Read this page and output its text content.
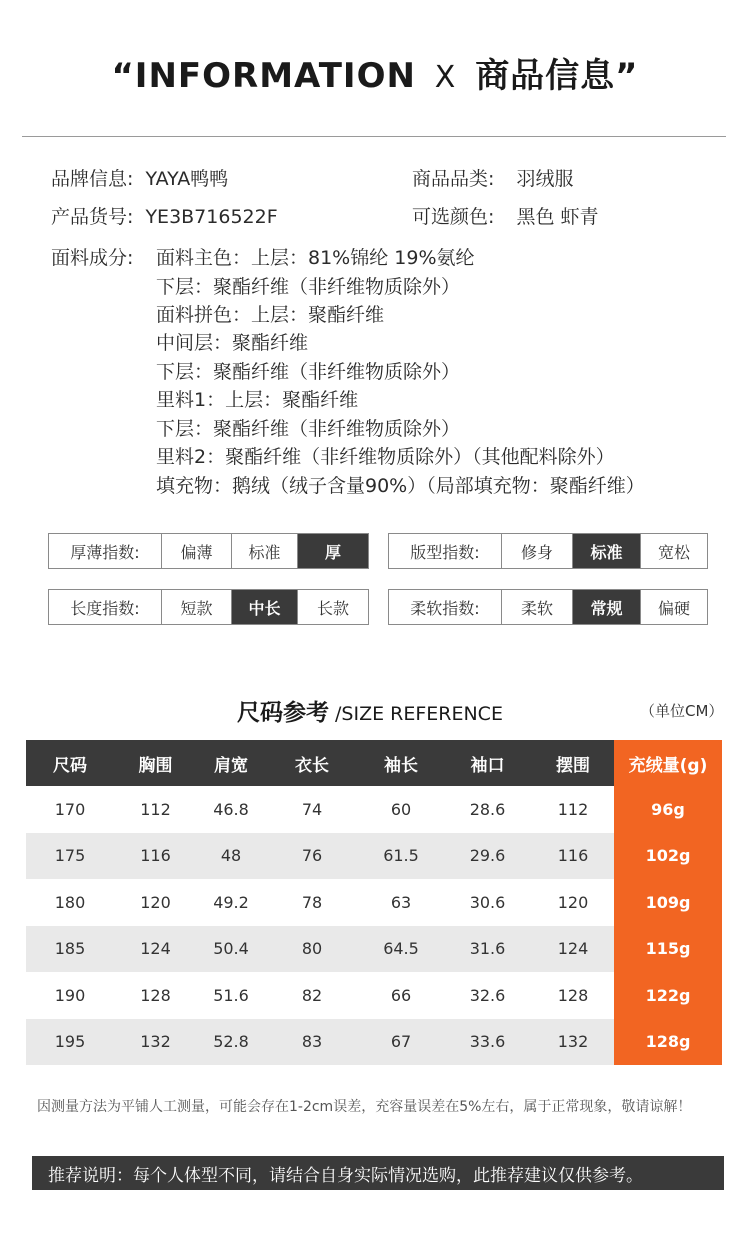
“INFORMATION X 商品信息”
品牌信息: YAYA鸭鸭	商品品类: 羽绒服
产品货号: YE3B716522F	可选颜色: 黑色 虾青
面料成分: 面料主色：上层：81%锦纶 19%氨纶
下层：聚酯纤维（非纤维物质除外）
面料拼色：上层：聚酯纤维
中间层：聚酯纤维
下层：聚酯纤维（非纤维物质除外）
里料1：上层：聚酯纤维
下层：聚酯纤维（非纤维物质除外）
里料2：聚酯纤维（非纤维物质除外）（其他配料除外）
填充物：鹅绒（绒子含量90%）（局部填充物：聚酯纤维）
厚薄指数:	偏薄	标准	厚	版型指数:	修身	标准	宽松
长度指数:	短款	中长	长款	柔软指数:	柔软	常规	偏硬
尺码参考 /SIZE REFERENCE	（单位CM）
尺码	胸围	肩宽	衣长	袖长	袖口	摆围	充绒量(g)
170	112	46.8	74	60	28.6	112	96g
175	116	48	76	61.5	29.6	116	102g
180	120	49.2	78	63	30.6	120	109g
185	124	50.4	80	64.5	31.6	124	115g
190	128	51.6	82	66	32.6	128	122g
195	132	52.8	83	67	33.6	132	128g
因测量方法为平铺人工测量，可能会存在1-2cm误差，充容量误差在5%左右，属于正常现象，敬请谅解！
推荐说明：每个人体型不同，请结合自身实际情况选购，此推荐建议仅供参考。
